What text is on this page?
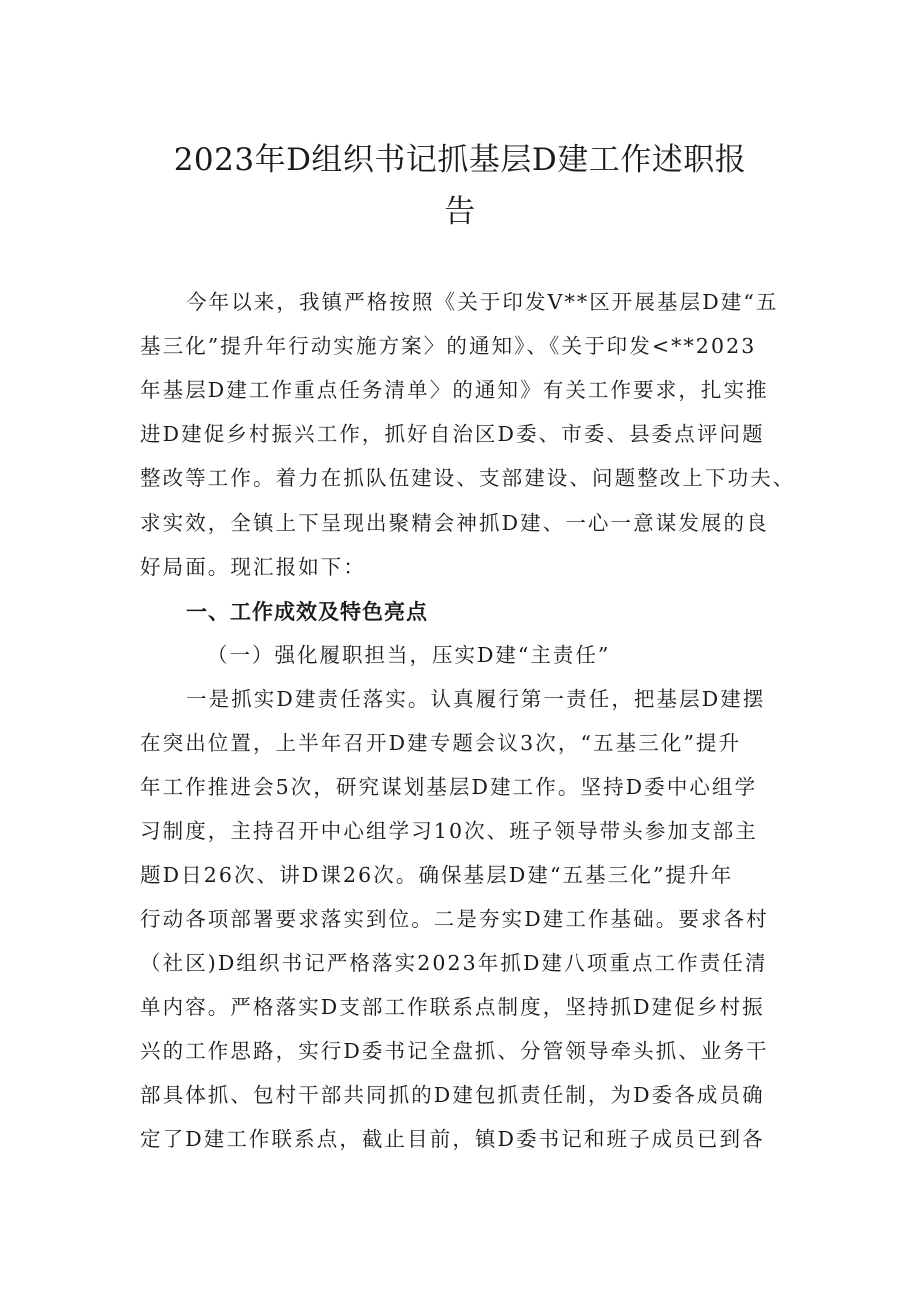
2023年D组织书记抓基层D建工作述职报
告
今年以来，我镇严格按照《关于印发V**区开展基层D建“五
基三化”提升年行动实施方案〉的通知》、《关于印发<**2023
年基层D建工作重点任务清单〉的通知》有关工作要求，扎实推
进D建促乡村振兴工作，抓好自治区D委、市委、县委点评问题
整改等工作。着力在抓队伍建设、支部建设、问题整改上下功夫、
求实效，全镇上下呈现出聚精会神抓D建、一心一意谋发展的良
好局面。现汇报如下：
一、工作成效及特色亮点
（一）强化履职担当，压实D建“主责任”
一是抓实D建责任落实。认真履行第一责任，把基层D建摆
在突出位置，上半年召开D建专题会议3次，“五基三化”提升
年工作推进会5次，研究谋划基层D建工作。坚持D委中心组学
习制度，主持召开中心组学习10次、班子领导带头参加支部主
题D日26次、讲D课26次。确保基层D建“五基三化”提升年
行动各项部署要求落实到位。二是夯实D建工作基础。要求各村
（社区)D组织书记严格落实2023年抓D建八项重点工作责任清
单内容。严格落实D支部工作联系点制度，坚持抓D建促乡村振
兴的工作思路，实行D委书记全盘抓、分管领导牵头抓、业务干
部具体抓、包村干部共同抓的D建包抓责任制，为D委各成员确
定了D建工作联系点，截止目前，镇D委书记和班子成员已到各
